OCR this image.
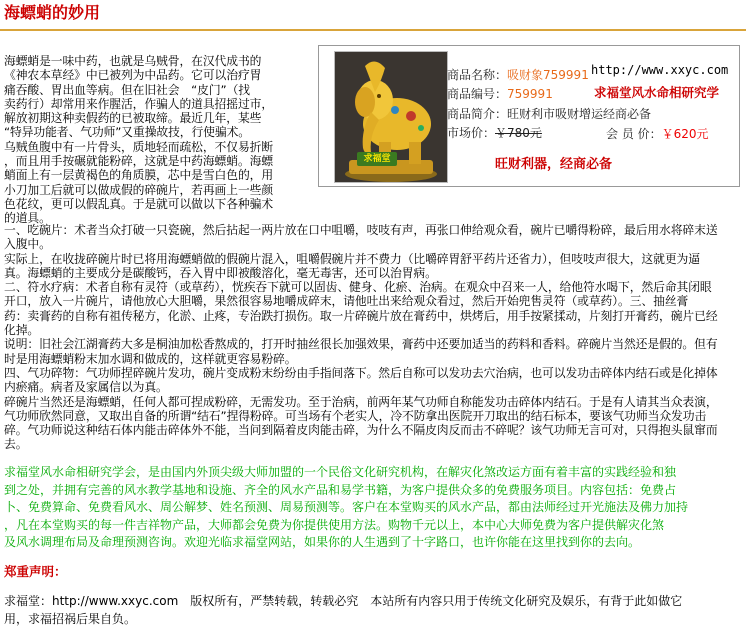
海螵蛸的妙用
海螵蛸是一味中药，也就是乌贼骨，在汉代成书的
《神农本草经》中已被列为中品药。它可以治疗胃
痛吞酸、胃出血等病。但在旧社会　“皮门”（找
卖药行）却常用来作腥活，作骗人的道具招摇过市，
解放初期这种卖假药的已被取缔。最近几年，某些
“特异功能者、气功师”又重操故技，行使骗术。
乌贼鱼腹中有一片骨头，质地轻而疏松，不仅易折断
，而且用手按碾就能粉碎，这就是中药海螵蛸。海螵
蛸面上有一层黄褐色的角质膜，芯中是雪白色的，用
小刀加工后就可以做成假的碎碗片，若再画上一些颜
色花纹，更可以假乱真。于是就可以做以下各种骗术
的道具。
求福堂
商品名称：吸财象759991 http://www.xxyc.com
商品编号：759991	求福堂风水命相研究学
商品简介：旺财利市吸财增运经商必备
市场价：￥780元	会 员 价：￥620元
旺财利器，经商必备
一、吃碗片：术者当众打破一只瓷碗，然后拈起一两片放在口中咀嚼，吱吱有声，再张口伸给观众看，碗片已嚼得粉碎，最后用水将碎末送
入腹中。
实际上，在收拢碎碗片时已将用海螵蛸做的假碗片混入，咀嚼假碗片并不费力（比嚼碎胃舒平药片还省力），但吱吱声很大，这就更为逼
真。海螵蛸的主要成分是碳酸钙，吞入胃中即被酸溶化，毫无毒害，还可以治胃病。
二、符水疗病：术者自称有灵符（或草药），恍疾吞下就可以固齿、健身、化瘀、治病。在观众中召来一人，给他符水喝下，然后命其闭眼
开口，放入一片碗片，请他放心大胆嚼，果然很容易地嚼成碎末，请他吐出来给观众看过，然后开始兜售灵符（或草药）。三、抽丝膏
药：卖膏药的自称有祖传秘方，化淤、止疼，专治跌打损伤。取一片碎碗片放在膏药中，烘烤后，用手按紧揉动，片刻打开膏药，碗片已经
化掉。
说明：旧社会江湖膏药大多是桐油加松香熬成的，打开时抽丝很长加强效果，膏药中还要加适当的药料和香料。碎碗片当然还是假的。但有
时是用海螵蛸粉末加水调和做成的，这样就更容易粉碎。
四、气功碎物：气功师捏碎碗片发功，碗片变成粉末纷纷由手指间落下。然后自称可以发功去穴治病，也可以发功击碎体内结石或是化掉体
内瘀痛。病者及家属信以为真。
碎碗片当然还是海螵蛸，任何人都可捏成粉碎，无需发功。至于治病，前两年某气功师自称能发功击碎体内结石。于是有人请其当众表演，
气功师欣然同意，又取出自备的所谓“结石”捏得粉碎。可当场有个老实人，冷不防拿出医院开刀取出的结石标本，要该气功师当众发功击
碎。气功师说这种结石体内能击碎体外不能，当问到隔着皮肉能击碎，为什么不隔皮肉反而击不碎呢？该气功师无言可对，只得抱头鼠窜而
去。
求福堂风水命相研究学会，是由国内外顶尖级大师加盟的一个民俗文化研究机构，在解灾化煞改运方面有着丰富的实践经验和独
到之处，并拥有完善的风水教学基地和设施、齐全的风水产品和易学书籍，为客户提供众多的免费服务项目。内容包括：免费占
卜、免费算命、免费看风水、周公解梦、姓名预测、周易预测等。客户在本堂购买的风水产品，都由法师经过开光施法及佛力加持
，凡在本堂购买的每一件吉祥物产品，大师都会免费为你提供使用方法。购物千元以上，本中心大师免费为客户提供解灾化煞
及风水调理布局及命理预测咨询。欢迎光临求福堂网站，如果你的人生遇到了十字路口，也许你能在这里找到你的去向。
郑重声明：
求福堂：http://www.xxyc.com　版权所有，严禁转载，转载必究　本站所有内容只用于传统文化研究及娱乐，有背于此如做它
用，求福招祸后果自负。
